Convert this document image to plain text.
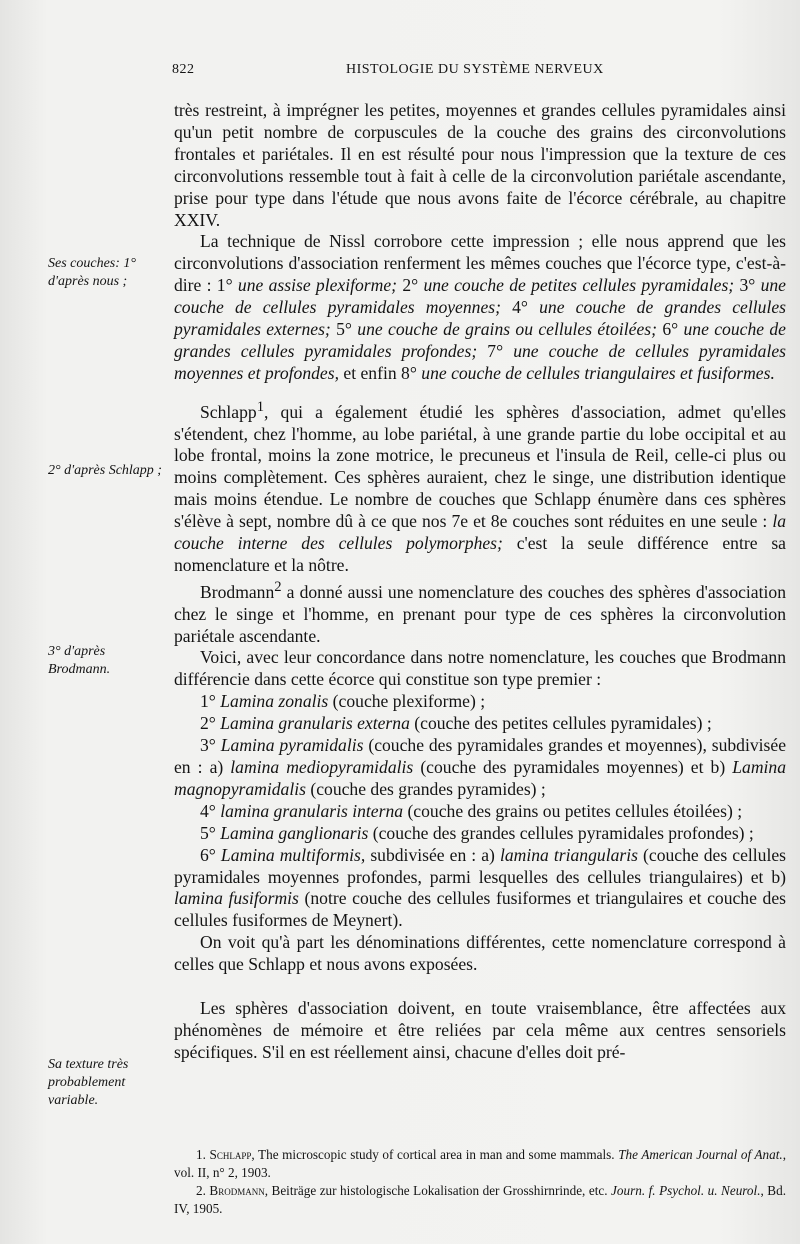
822	HISTOLOGIE DU SYSTÈME NERVEUX
Ses couches: 1° d'après nous ;
2° d'après Schlapp ;
3° d'après Brodmann.
Sa texture très probablement variable.

très restreint, à imprégner les petites, moyennes et grandes cellules pyramidales ainsi qu'un petit nombre de corpuscules de la couche des grains des circonvolutions frontales et pariétales. Il en est résulté pour nous l'impression que la texture de ces circonvolutions ressemble tout à fait à celle de la circonvolution pariétale ascendante, prise pour type dans l'étude que nous avons faite de l'écorce cérébrale, au chapitre XXIV.

La technique de Nissl corrobore cette impression ; elle nous apprend que les circonvolutions d'association renferment les mêmes couches que l'écorce type, c'est-à-dire : 1° une assise plexiforme; 2° une couche de petites cellules pyramidales; 3° une couche de cellules pyramidales moyennes; 4° une couche de grandes cellules pyramidales externes; 5° une couche de grains ou cellules étoilées; 6° une couche de grandes cellules pyramidales profondes; 7° une couche de cellules pyramidales moyennes et profondes, et enfin 8° une couche de cellules triangulaires et fusiformes.

Schlapp$^1$, qui a également étudié les sphères d'association, admet qu'elles s'étendent, chez l'homme, au lobe pariétal, à une grande partie du lobe occipital et au lobe frontal, moins la zone motrice, le precuneus et l'insula de Reil, celle-ci plus ou moins complètement. Ces sphères auraient, chez le singe, une distribution identique mais moins étendue. Le nombre de couches que Schlapp énumère dans ces sphères s'élève à sept, nombre dû à ce que nos 7e et 8e couches sont réduites en une seule : la couche interne des cellules polymorphes; c'est la seule différence entre sa nomenclature et la nôtre.

Brodmann$^2$ a donné aussi une nomenclature des couches des sphères d'association chez le singe et l'homme, en prenant pour type de ces sphères la circonvolution pariétale ascendante.

Voici, avec leur concordance dans notre nomenclature, les couches que Brodmann différencie dans cette écorce qui constitue son type premier :

1° Lamina zonalis (couche plexiforme) ;

2° Lamina granularis externa (couche des petites cellules pyramidales) ;

3° Lamina pyramidalis (couche des pyramidales grandes et moyennes), subdivisée en : a) lamina mediopyramidalis (couche des pyramidales moyennes) et b) Lamina magnopyramidalis (couche des grandes pyramides) ;

4° lamina granularis interna (couche des grains ou petites cellules étoilées) ;

5° Lamina ganglionaris (couche des grandes cellules pyramidales profondes) ;

6° Lamina multiformis, subdivisée en : a) lamina triangularis (couche des cellules pyramidales moyennes profondes, parmi lesquelles des cellules triangulaires) et b) lamina fusiformis (notre couche des cellules fusiformes et triangulaires et couche des cellules fusiformes de Meynert).

On voit qu'à part les dénominations différentes, cette nomenclature correspond à celles que Schlapp et nous avons exposées.

Les sphères d'association doivent, en toute vraisemblance, être affectées aux phénomènes de mémoire et être reliées par cela même aux centres sensoriels spécifiques. S'il en est réellement ainsi, chacune d'elles doit pré-

1. Schlapp, The microscopic study of cortical area in man and some mammals. The American Journal of Anat., vol. II, n° 2, 1903.

2. Brodmann, Beiträge zur histologische Lokalisation der Grosshirnrinde, etc. Journ. f. Psychol. u. Neurol., Bd. IV, 1905.
